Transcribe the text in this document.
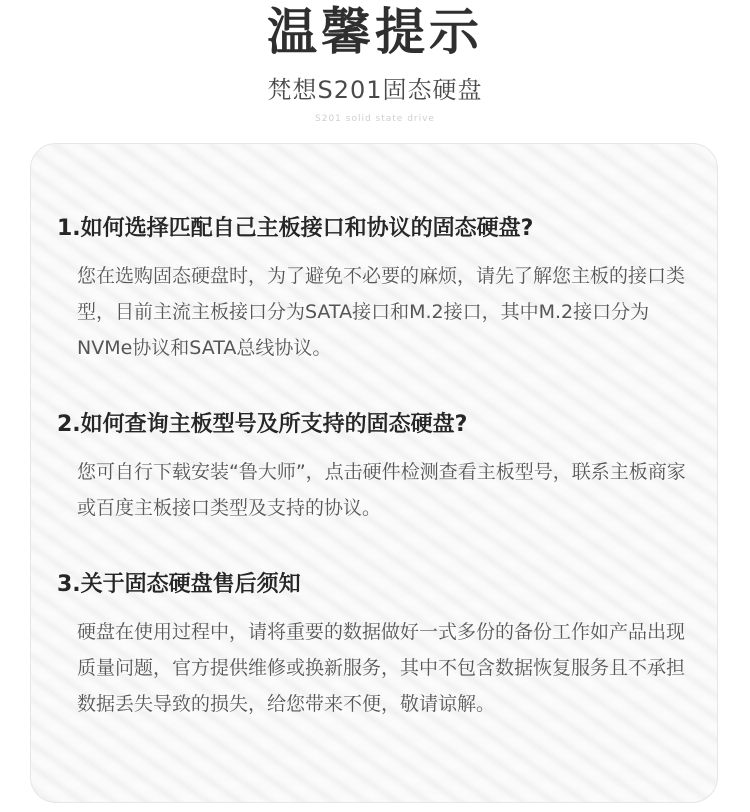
温馨提示
梵想S201固态硬盘
S201 solid state drive

1.如何选择匹配自己主板接口和协议的固态硬盘?

您在选购固态硬盘时，为了避免不必要的麻烦，请先了解您主板的接口类型，目前主流主板接口分为SATA接口和M.2接口，其中M.2接口分为NVMe协议和SATA总线协议。

2.如何查询主板型号及所支持的固态硬盘?

您可自行下载安装“鲁大师”，点击硬件检测查看主板型号，联系主板商家或百度主板接口类型及支持的协议。

3.关于固态硬盘售后须知

硬盘在使用过程中，请将重要的数据做好一式多份的备份工作如产品出现质量问题，官方提供维修或换新服务，其中不包含数据恢复服务且不承担数据丢失导致的损失，给您带来不便，敬请谅解。
